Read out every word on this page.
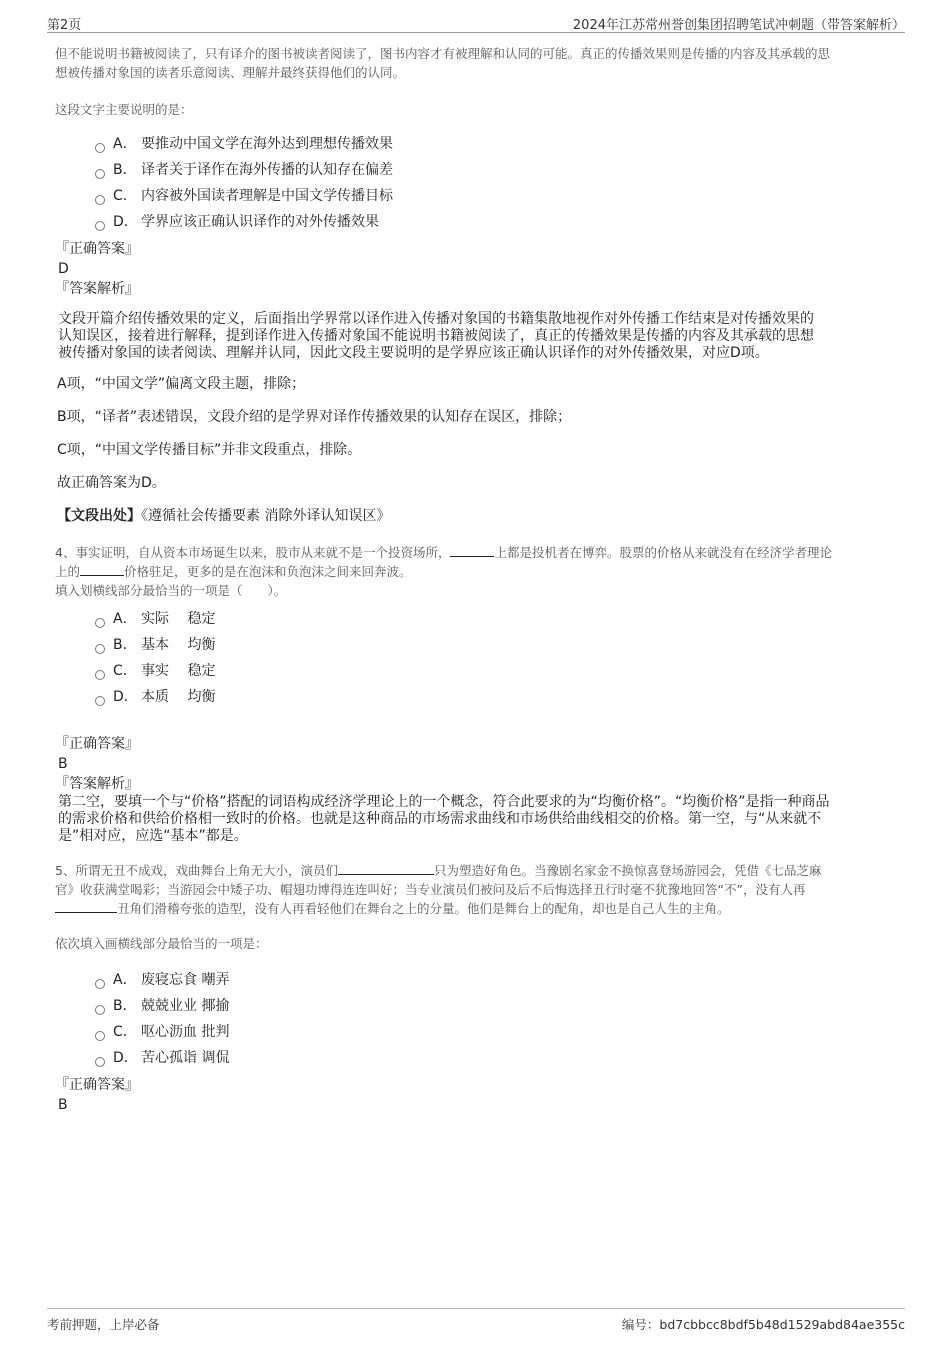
第2页	2024年江苏常州誉创集团招聘笔试冲刺题（带答案解析）
但不能说明书籍被阅读了，只有译介的图书被读者阅读了，图书内容才有被理解和认同的可能。真正的传播效果则是传播的内容及其承载的思
想被传播对象国的读者乐意阅读、理解并最终获得他们的认同。
这段文字主要说明的是：
A． 要推动中国文学在海外达到理想传播效果
B． 译者关于译作在海外传播的认知存在偏差
C． 内容被外国读者理解是中国文学传播目标
D． 学界应该正确认识译作的对外传播效果
『正确答案』
D
『答案解析』
文段开篇介绍传播效果的定义，后面指出学界常以译作进入传播对象国的书籍集散地视作对外传播工作结束是对传播效果的
认知误区，接着进行解释，提到译作进入传播对象国不能说明书籍被阅读了，真正的传播效果是传播的内容及其承载的思想
被传播对象国的读者阅读、理解并认同，因此文段主要说明的是学界应该正确认识译作的对外传播效果，对应D项。
A项，“中国文学”偏离文段主题，排除；
B项，“译者”表述错误，文段介绍的是学界对译作传播效果的认知存在误区，排除；
C项，“中国文学传播目标”并非文段重点，排除。
故正确答案为D。
【文段出处】《遵循社会传播要素 消除外译认知误区》
4、事实证明，自从资本市场诞生以来，股市从来就不是一个投资场所，	上都是投机者在博弈。股票的价格从来就没有在经济学者理论
上的	价格驻足，更多的是在泡沫和负泡沫之间来回奔波。
填入划横线部分最恰当的一项是（　　）。
A． 实际　 稳定
B． 基本　 均衡
C． 事实　 稳定
D． 本质　 均衡
『正确答案』
B
『答案解析』
第二空，要填一个与“价格”搭配的词语构成经济学理论上的一个概念，符合此要求的为“均衡价格”。“均衡价格”是指一种商品
的需求价格和供给价格相一致时的价格。也就是这种商品的市场需求曲线和市场供给曲线相交的价格。第一空，与“从来就不
是”相对应，应选“基本”都是。
5、所谓无丑不成戏，戏曲舞台上角无大小，演员们	只为塑造好角色。当豫剧名家金不换惊喜登场游园会，凭借《七品芝麻
官》收获满堂喝彩；当游园会中矮子功、帽翅功博得连连叫好；当专业演员们被问及后不后悔选择丑行时毫不犹豫地回答“不”，没有人再
丑角们滑稽夸张的造型，没有人再看轻他们在舞台之上的分量。他们是舞台上的配角，却也是自己人生的主角。
依次填入画横线部分最恰当的一项是：
A． 废寝忘食 嘲弄
B． 兢兢业业 揶揄
C． 呕心沥血 批判
D． 苦心孤诣 调侃
『正确答案』
B
考前押题，上岸必备	编号：bd7cbbcc8bdf5b48d1529abd84ae355c
